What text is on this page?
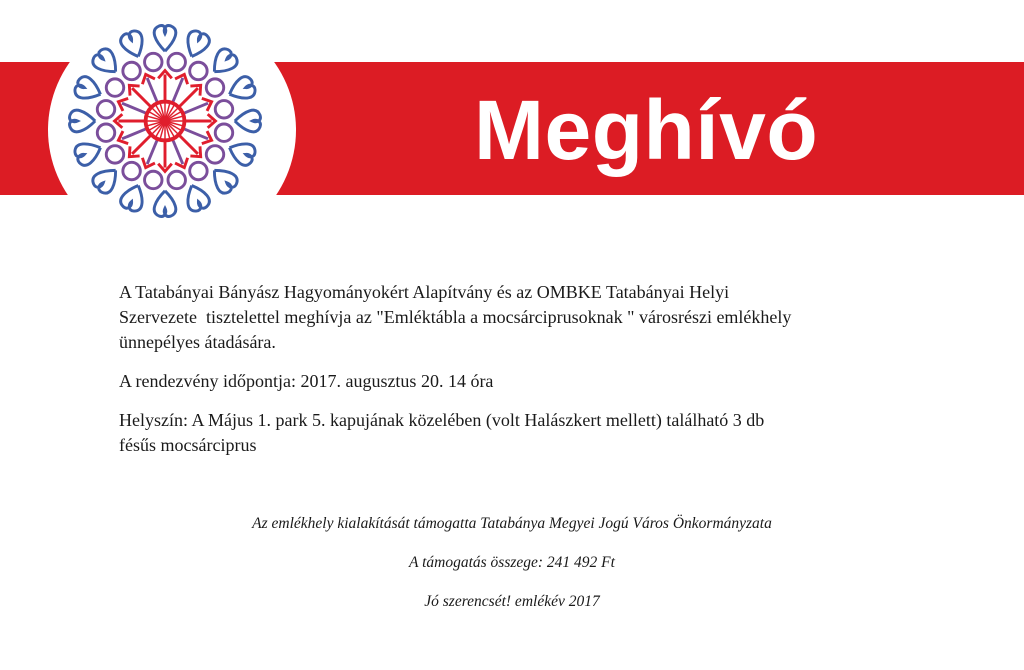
Meghívó

A Tatabányai Bányász Hagyományokért Alapítvány és az OMBKE Tatabányai Helyi
Szervezete  tisztelettel meghívja az "Emléktábla a mocsárciprusoknak " városrészi emlékhely
ünnepélyes átadására.

A rendezvény időpontja: 2017. augusztus 20. 14 óra

Helyszín: A Május 1. park 5. kapujának közelében (volt Halászkert mellett) található 3 db
fésűs mocsárciprus

Az emlékhely kialakítását támogatta Tatabánya Megyei Jogú Város Önkormányzata
A támogatás összege: 241 492 Ft
Jó szerencsét! emlékév 2017
